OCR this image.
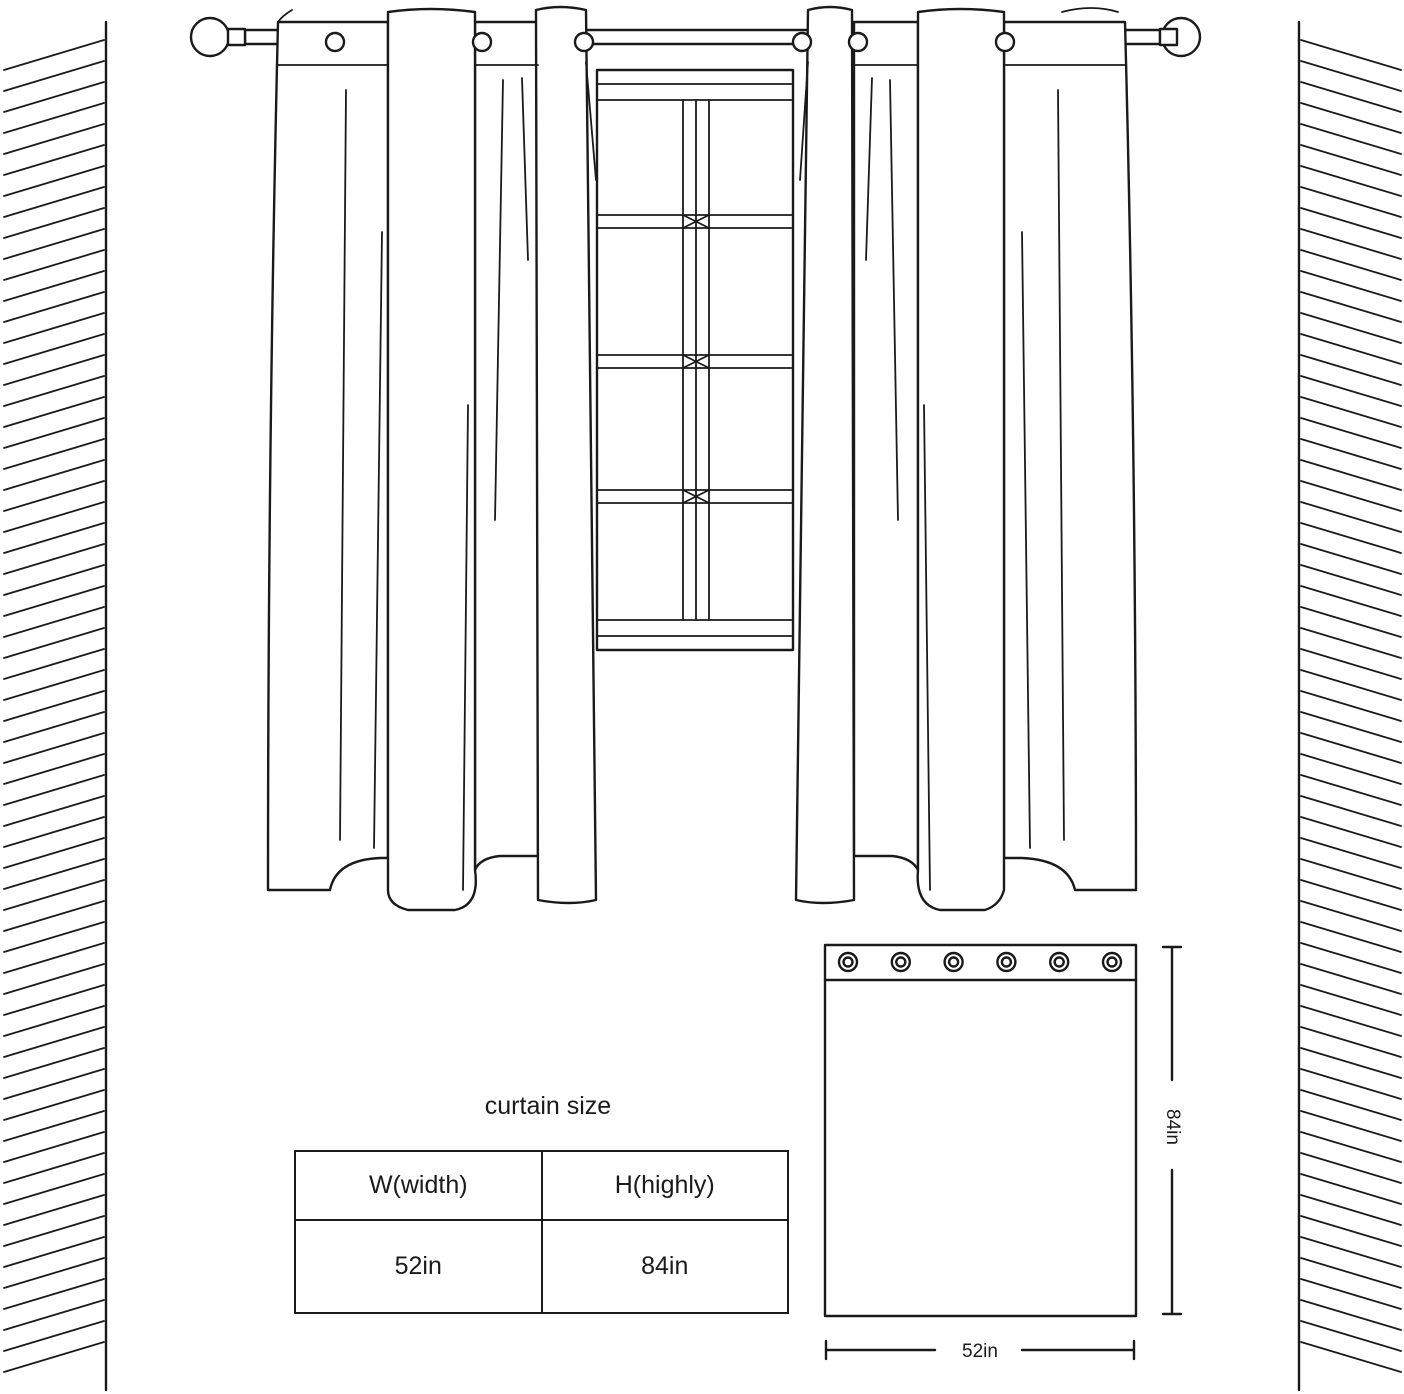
84in
52in
curtain size
W(width)	H(highly)
52in	84in
